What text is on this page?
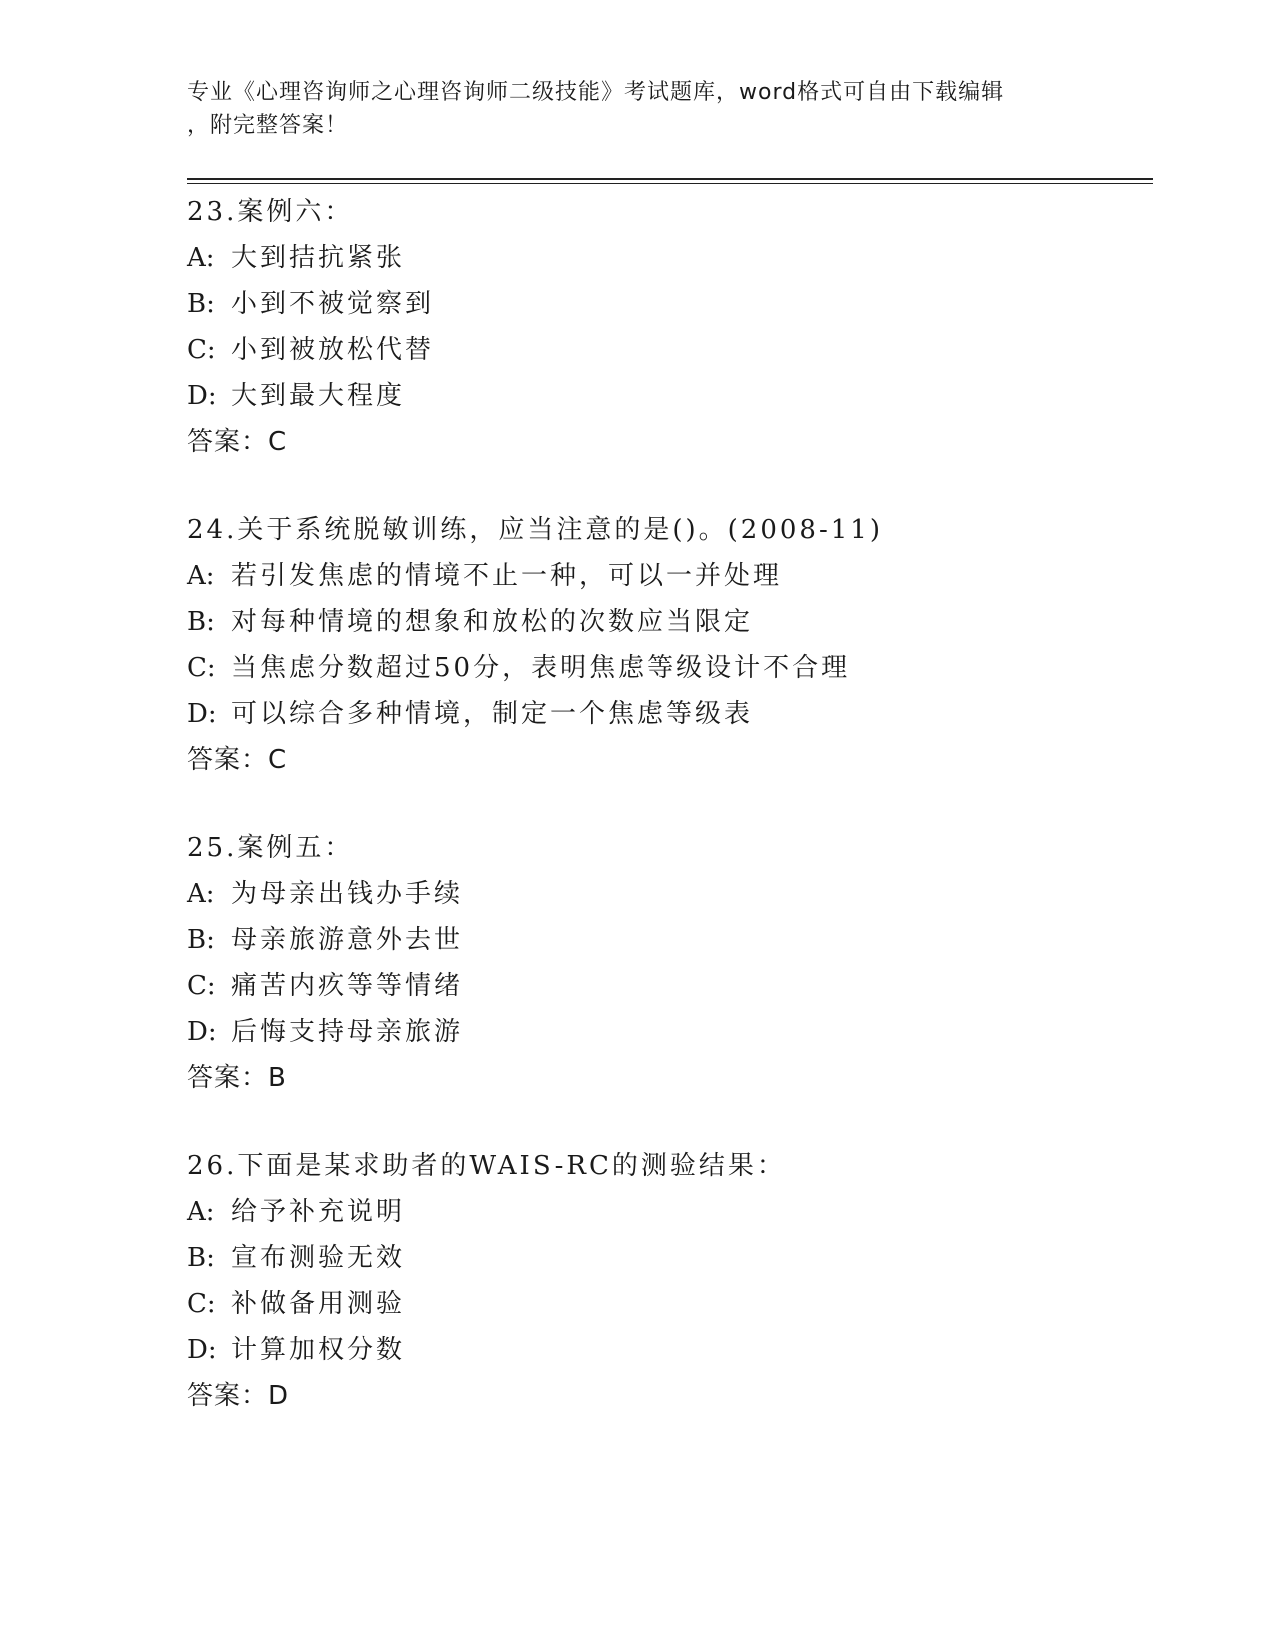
专业《心理咨询师之心理咨询师二级技能》考试题库，word格式可自由下载编辑
，附完整答案！
23.案例六：
A: 大到拮抗紧张
B: 小到不被觉察到
C: 小到被放松代替
D: 大到最大程度
答案：C
24.关于系统脱敏训练，应当注意的是()。(2008-11)
A: 若引发焦虑的情境不止一种，可以一并处理
B: 对每种情境的想象和放松的次数应当限定
C: 当焦虑分数超过50分，表明焦虑等级设计不合理
D: 可以综合多种情境，制定一个焦虑等级表
答案：C
25.案例五：
A: 为母亲出钱办手续
B: 母亲旅游意外去世
C: 痛苦内疚等等情绪
D: 后悔支持母亲旅游
答案：B
26.下面是某求助者的WAIS-RC的测验结果：
A: 给予补充说明
B: 宣布测验无效
C: 补做备用测验
D: 计算加权分数
答案：D
